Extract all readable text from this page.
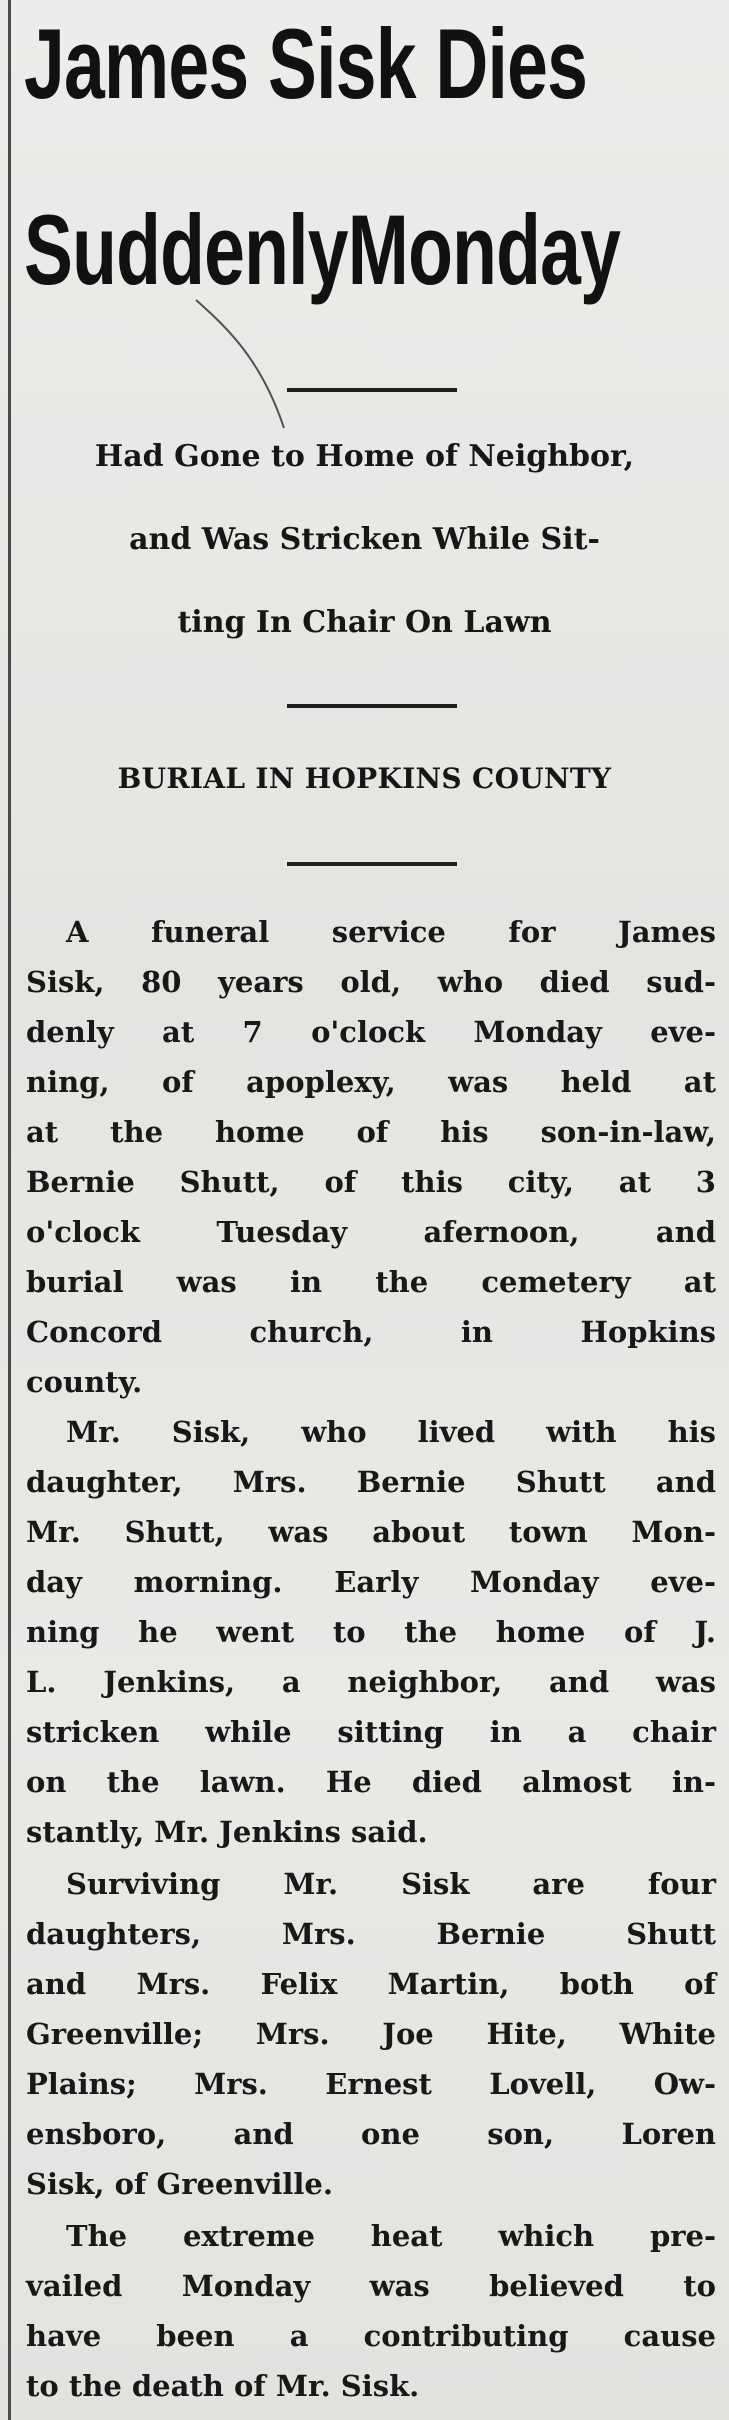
James Sisk Dies
SuddenlyMonday

Had Gone to Home of Neighbor,

and Was Stricken While Sit-

ting In Chair On Lawn

BURIAL IN HOPKINS COUNTY

A funeral service for James

Sisk, 80 years old, who died sud-

denly at 7 o'clock Monday eve-

ning, of apoplexy, was held at

at the home of his son-in-law,

Bernie Shutt, of this city, at 3

o'clock Tuesday afernoon, and

burial was in the cemetery at

Concord church, in Hopkins

county.

Mr. Sisk, who lived with his

daughter, Mrs. Bernie Shutt and

Mr. Shutt, was about town Mon-

day morning. Early Monday eve-

ning he went to the home of J.

L. Jenkins, a neighbor, and was

stricken while sitting in a chair

on the lawn. He died almost in-

stantly, Mr. Jenkins said.

Surviving Mr. Sisk are four

daughters, Mrs. Bernie Shutt

and Mrs. Felix Martin, both of

Greenville; Mrs. Joe Hite, White

Plains; Mrs. Ernest Lovell, Ow-

ensboro, and one son, Loren

Sisk, of Greenville.

The extreme heat which pre-

vailed Monday was believed to

have been a contributing cause

to the death of Mr. Sisk.
